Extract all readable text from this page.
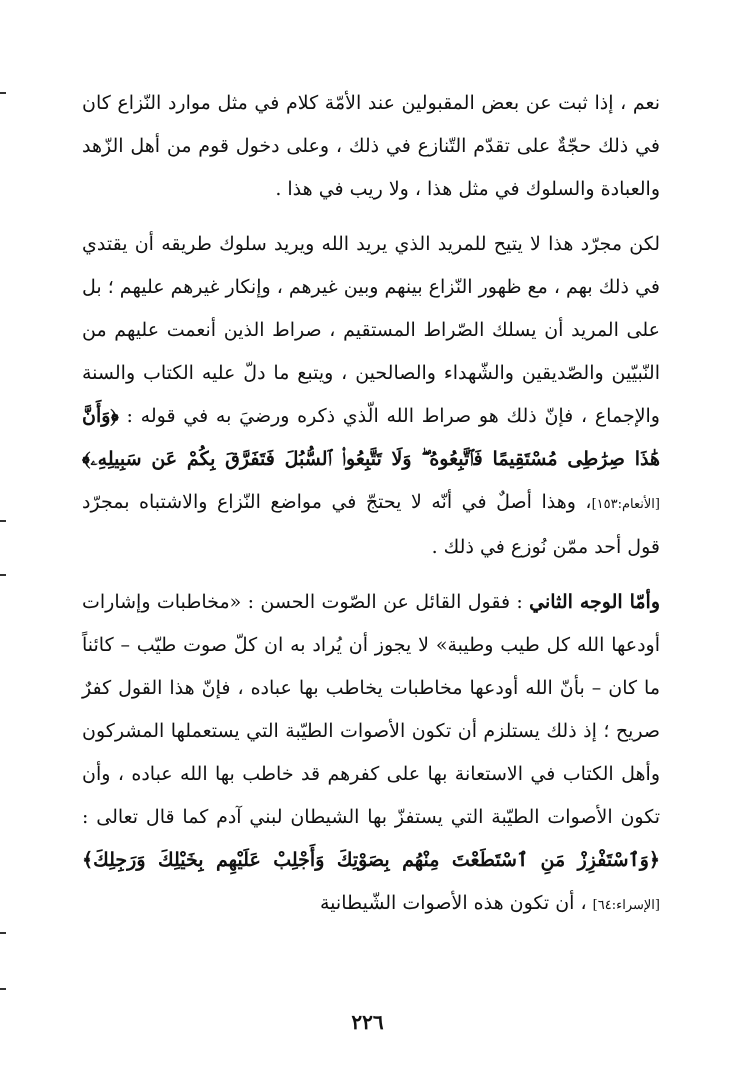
نعم ، إذا ثبت عن بعض المقبولين عند الأمّة كلام في مثل موارد النّزاع كان في ذلك حجّةٌ على تقدّم التّنازع في ذلك ، وعلى دخول قوم من أهل الزّهد والعبادة والسلوك في مثل هذا ، ولا ريب في هذا .

لكن مجرّد هذا لا يتيح للمريد الذي يريد الله ويريد سلوك طريقه أن يقتدي في ذلك بهم ، مع ظهور النّزاع بينهم وبين غيرهم ، وإنكار غيرهم عليهم ؛ بل على المريد أن يسلك الصّراط المستقيم ، صراط الذين أنعمت عليهم من النّبيّين والصّديقين والشّهداء والصالحين ، ويتبع ما دلّ عليه الكتاب والسنة والإجماع ، فإنّ ذلك هو صراط الله الّذي ذكره ورضيَ به في قوله : ﴿وَأَنَّ هَٰذَا صِرَٰطِى مُسْتَقِيمًا فَٱتَّبِعُوهُ ۖ وَلَا تَتَّبِعُوا۟ ٱلسُّبُلَ فَتَفَرَّقَ بِكُمْ عَن سَبِيلِهِۦ﴾[الأنعام:١٥٣]، وهذا أصلٌ في أنّه لا يحتجّ في مواضع النّزاع والاشتباه بمجرّد قول أحد ممّن نُوزع في ذلك .

وأمّا الوجه الثاني : فقول القائل عن الصّوت الحسن : «مخاطبات وإشارات أودعها الله كل طيب وطيبة» لا يجوز أن يُراد به ان كلّ صوت طيّب – كائناً ما كان – بأنّ الله أودعها مخاطبات يخاطب بها عباده ، فإنّ هذا القول كفرٌ صريح ؛ إذ ذلك يستلزم أن تكون الأصوات الطيّبة التي يستعملها المشركون وأهل الكتاب في الاستعانة بها على كفرهم قد خاطب بها الله عباده ، وأن تكون الأصوات الطيّبة التي يستفزّ بها الشيطان لبني آدم كما قال تعالى : ﴿وَٱسْتَفْزِزْ مَنِ ٱسْتَطَعْتَ مِنْهُم بِصَوْتِكَ وَأَجْلِبْ عَلَيْهِم بِخَيْلِكَ وَرَجِلِكَ﴾[الإسراء:٦٤] ، أن تكون هذه الأصوات الشّيطانية

٢٢٦
